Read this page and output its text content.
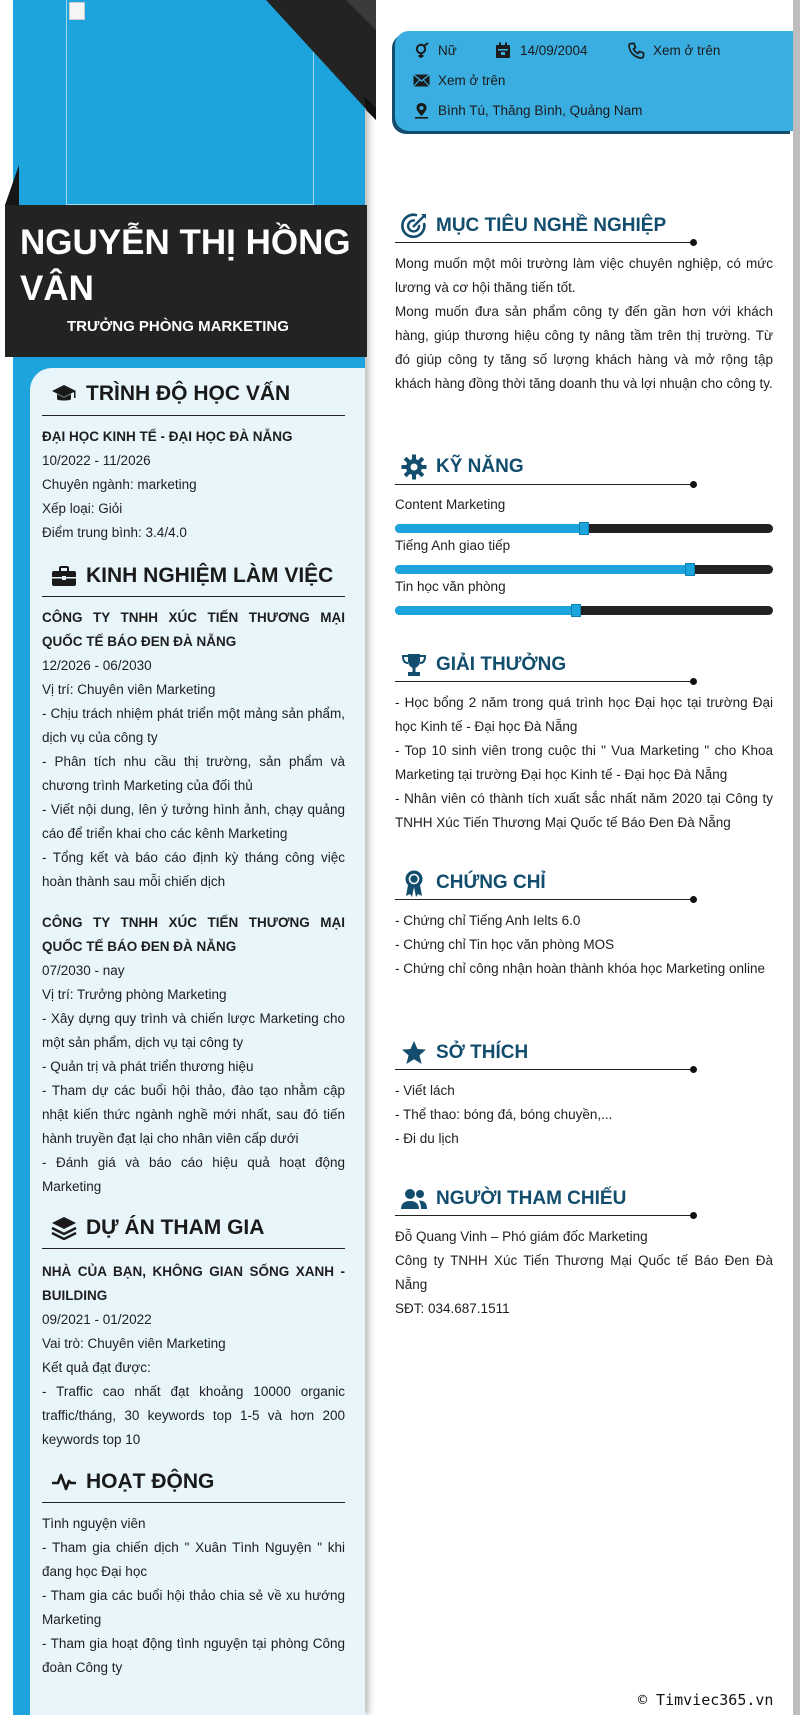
NGUYỄN THỊ HỒNG VÂN
TRƯỞNG PHÒNG MARKETING
TRÌNH ĐỘ HỌC VẤN
ĐẠI HỌC KINH TẾ - ĐẠI HỌC ĐÀ NẴNG
10/2022 - 11/2026
Chuyên ngành: marketing
Xếp loại: Giỏi
Điểm trung bình: 3.4/4.0
KINH NGHIỆM LÀM VIỆC
CÔNG TY TNHH XÚC TIẾN THƯƠNG MẠI QUỐC TẾ BÁO ĐEN ĐÀ NẴNG
12/2026 - 06/2030
Vị trí: Chuyên viên Marketing
- Chịu trách nhiệm phát triển một mảng sản phẩm, dịch vụ của công ty
- Phân tích nhu cầu thị trường, sản phẩm và chương trình Marketing của đối thủ
- Viết nội dung, lên ý tưởng hình ảnh, chạy quảng cáo để triển khai cho các kênh Marketing
- Tổng kết và báo cáo định kỳ tháng công việc hoàn thành sau mỗi chiến dịch
CÔNG TY TNHH XÚC TIẾN THƯƠNG MẠI QUỐC TẾ BÁO ĐEN ĐÀ NẴNG
07/2030 - nay
Vị trí: Trưởng phòng Marketing
- Xây dựng quy trình và chiến lược Marketing cho một sản phẩm, dịch vụ tại công ty
- Quản trị và phát triển thương hiệu
- Tham dự các buổi hội thảo, đào tạo nhằm cập nhật kiến thức ngành nghề mới nhất, sau đó tiến hành truyền đạt lại cho nhân viên cấp dưới
- Đánh giá và báo cáo hiệu quả hoạt động Marketing
DỰ ÁN THAM GIA
NHÀ CỦA BẠN, KHÔNG GIAN SỐNG XANH - BUILDING
09/2021 - 01/2022
Vai trò: Chuyên viên Marketing
Kết quả đạt được:
- Traffic cao nhất đạt khoảng 10000 organic traffic/tháng, 30 keywords top 1-5 và hơn 200 keywords top 10
HOẠT ĐỘNG
Tình nguyện viên
- Tham gia chiến dịch " Xuân Tình Nguyện " khi đang học Đại học
- Tham gia các buổi hội thảo chia sẻ về xu hướng Marketing
- Tham gia hoạt động tình nguyện tại phòng Công đoàn Công ty
Nữ	14/09/2004	Xem ở trên
Xem ở trên
Bình Tú, Thăng Bình, Quảng Nam
MỤC TIÊU NGHỀ NGHIỆP
Mong muốn một môi trường làm việc chuyên nghiệp, có mức lương và cơ hội thăng tiến tốt.
Mong muốn đưa sản phẩm công ty đến gần hơn với khách hàng, giúp thương hiệu công ty nâng tầm trên thị trường. Từ đó giúp công ty tăng số lượng khách hàng và mở rộng tập khách hàng đồng thời tăng doanh thu và lợi nhuận cho công ty.
KỸ NĂNG
Content Marketing
Tiếng Anh giao tiếp
Tin học văn phòng
GIẢI THƯỞNG
- Học bổng 2 năm trong quá trình học Đại học tại trường Đại học Kinh tế - Đại học Đà Nẵng
- Top 10 sinh viên trong cuộc thi " Vua Marketing " cho Khoa Marketing tại trường Đại học Kinh tế - Đại học Đà Nẵng
- Nhân viên có thành tích xuất sắc nhất năm 2020 tại Công ty TNHH Xúc Tiến Thương Mại Quốc tế Báo Đen Đà Nẵng
CHỨNG CHỈ
- Chứng chỉ Tiếng Anh Ielts 6.0
- Chứng chỉ Tin học văn phòng MOS
- Chứng chỉ công nhận hoàn thành khóa học Marketing online
SỞ THÍCH
- Viết lách
- Thể thao: bóng đá, bóng chuyền,...
- Đi du lịch
NGƯỜI THAM CHIẾU
Đỗ Quang Vinh – Phó giám đốc Marketing
Công ty TNHH Xúc Tiến Thương Mại Quốc tế Báo Đen Đà Nẵng
SĐT: 034.687.1511
© Timviec365.vn
